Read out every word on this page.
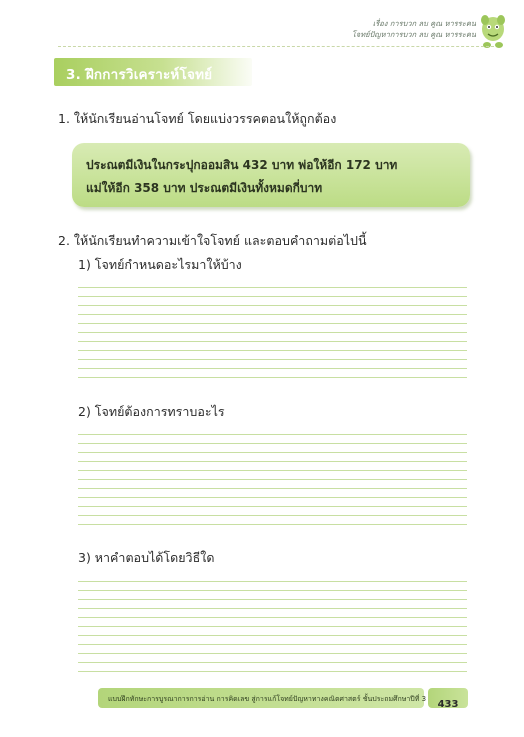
เรื่อง การบวก ลบ คูณ หารระคน
โจทย์ปัญหาการบวก ลบ คูณ หารระคน
3. ฝึกการวิเคราะห์โจทย์
1. ให้นักเรียนอ่านโจทย์ โดยแบ่งวรรคตอนให้ถูกต้อง
ประณตมีเงินในกระปุกออมสิน 432 บาท พ่อให้อีก 172 บาท
แม่ให้อีก 358 บาท ประณตมีเงินทั้งหมดกี่บาท
2. ให้นักเรียนทำความเข้าใจโจทย์ และตอบคำถามต่อไปนี้
1) โจทย์กำหนดอะไรมาให้บ้าง
2) โจทย์ต้องการทราบอะไร
3) หาคำตอบได้โดยวิธีใด
แบบฝึกทักษะการบูรณาการการอ่าน การคิดเลข สู่การแก้โจทย์ปัญหาทางคณิตศาสตร์ ชั้นประถมศึกษาปีที่ 3	$_{433}$
